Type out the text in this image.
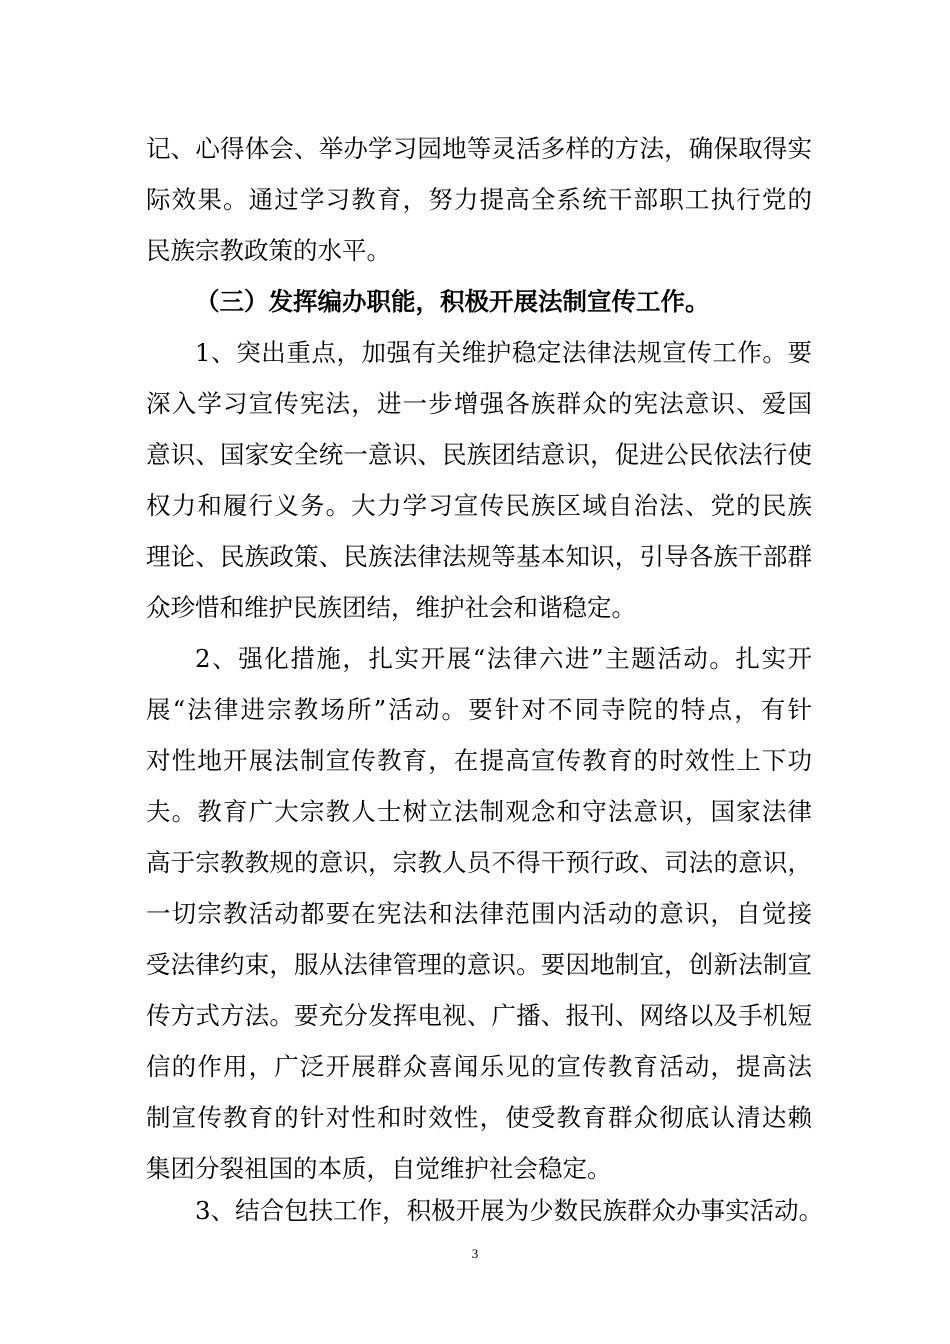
记、心得体会、举办学习园地等灵活多样的方法，确保取得实
际效果。通过学习教育，努力提高全系统干部职工执行党的
民族宗教政策的水平。
（三）发挥编办职能，积极开展法制宣传工作。
1、突出重点，加强有关维护稳定法律法规宣传工作。要
深入学习宣传宪法，进一步增强各族群众的宪法意识、爱国
意识、国家安全统一意识、民族团结意识，促进公民依法行使
权力和履行义务。大力学习宣传民族区域自治法、党的民族
理论、民族政策、民族法律法规等基本知识，引导各族干部群
众珍惜和维护民族团结，维护社会和谐稳定。
2、强化措施，扎实开展“法律六进”主题活动。扎实开
展“法律进宗教场所”活动。要针对不同寺院的特点，有针
对性地开展法制宣传教育，在提高宣传教育的时效性上下功
夫。教育广大宗教人士树立法制观念和守法意识，国家法律
高于宗教教规的意识，宗教人员不得干预行政、司法的意识，
一切宗教活动都要在宪法和法律范围内活动的意识，自觉接
受法律约束，服从法律管理的意识。要因地制宜，创新法制宣
传方式方法。要充分发挥电视、广播、报刊、网络以及手机短
信的作用，广泛开展群众喜闻乐见的宣传教育活动，提高法
制宣传教育的针对性和时效性，使受教育群众彻底认清达赖
集团分裂祖国的本质，自觉维护社会稳定。
3、结合包扶工作，积极开展为少数民族群众办事实活动。
3
